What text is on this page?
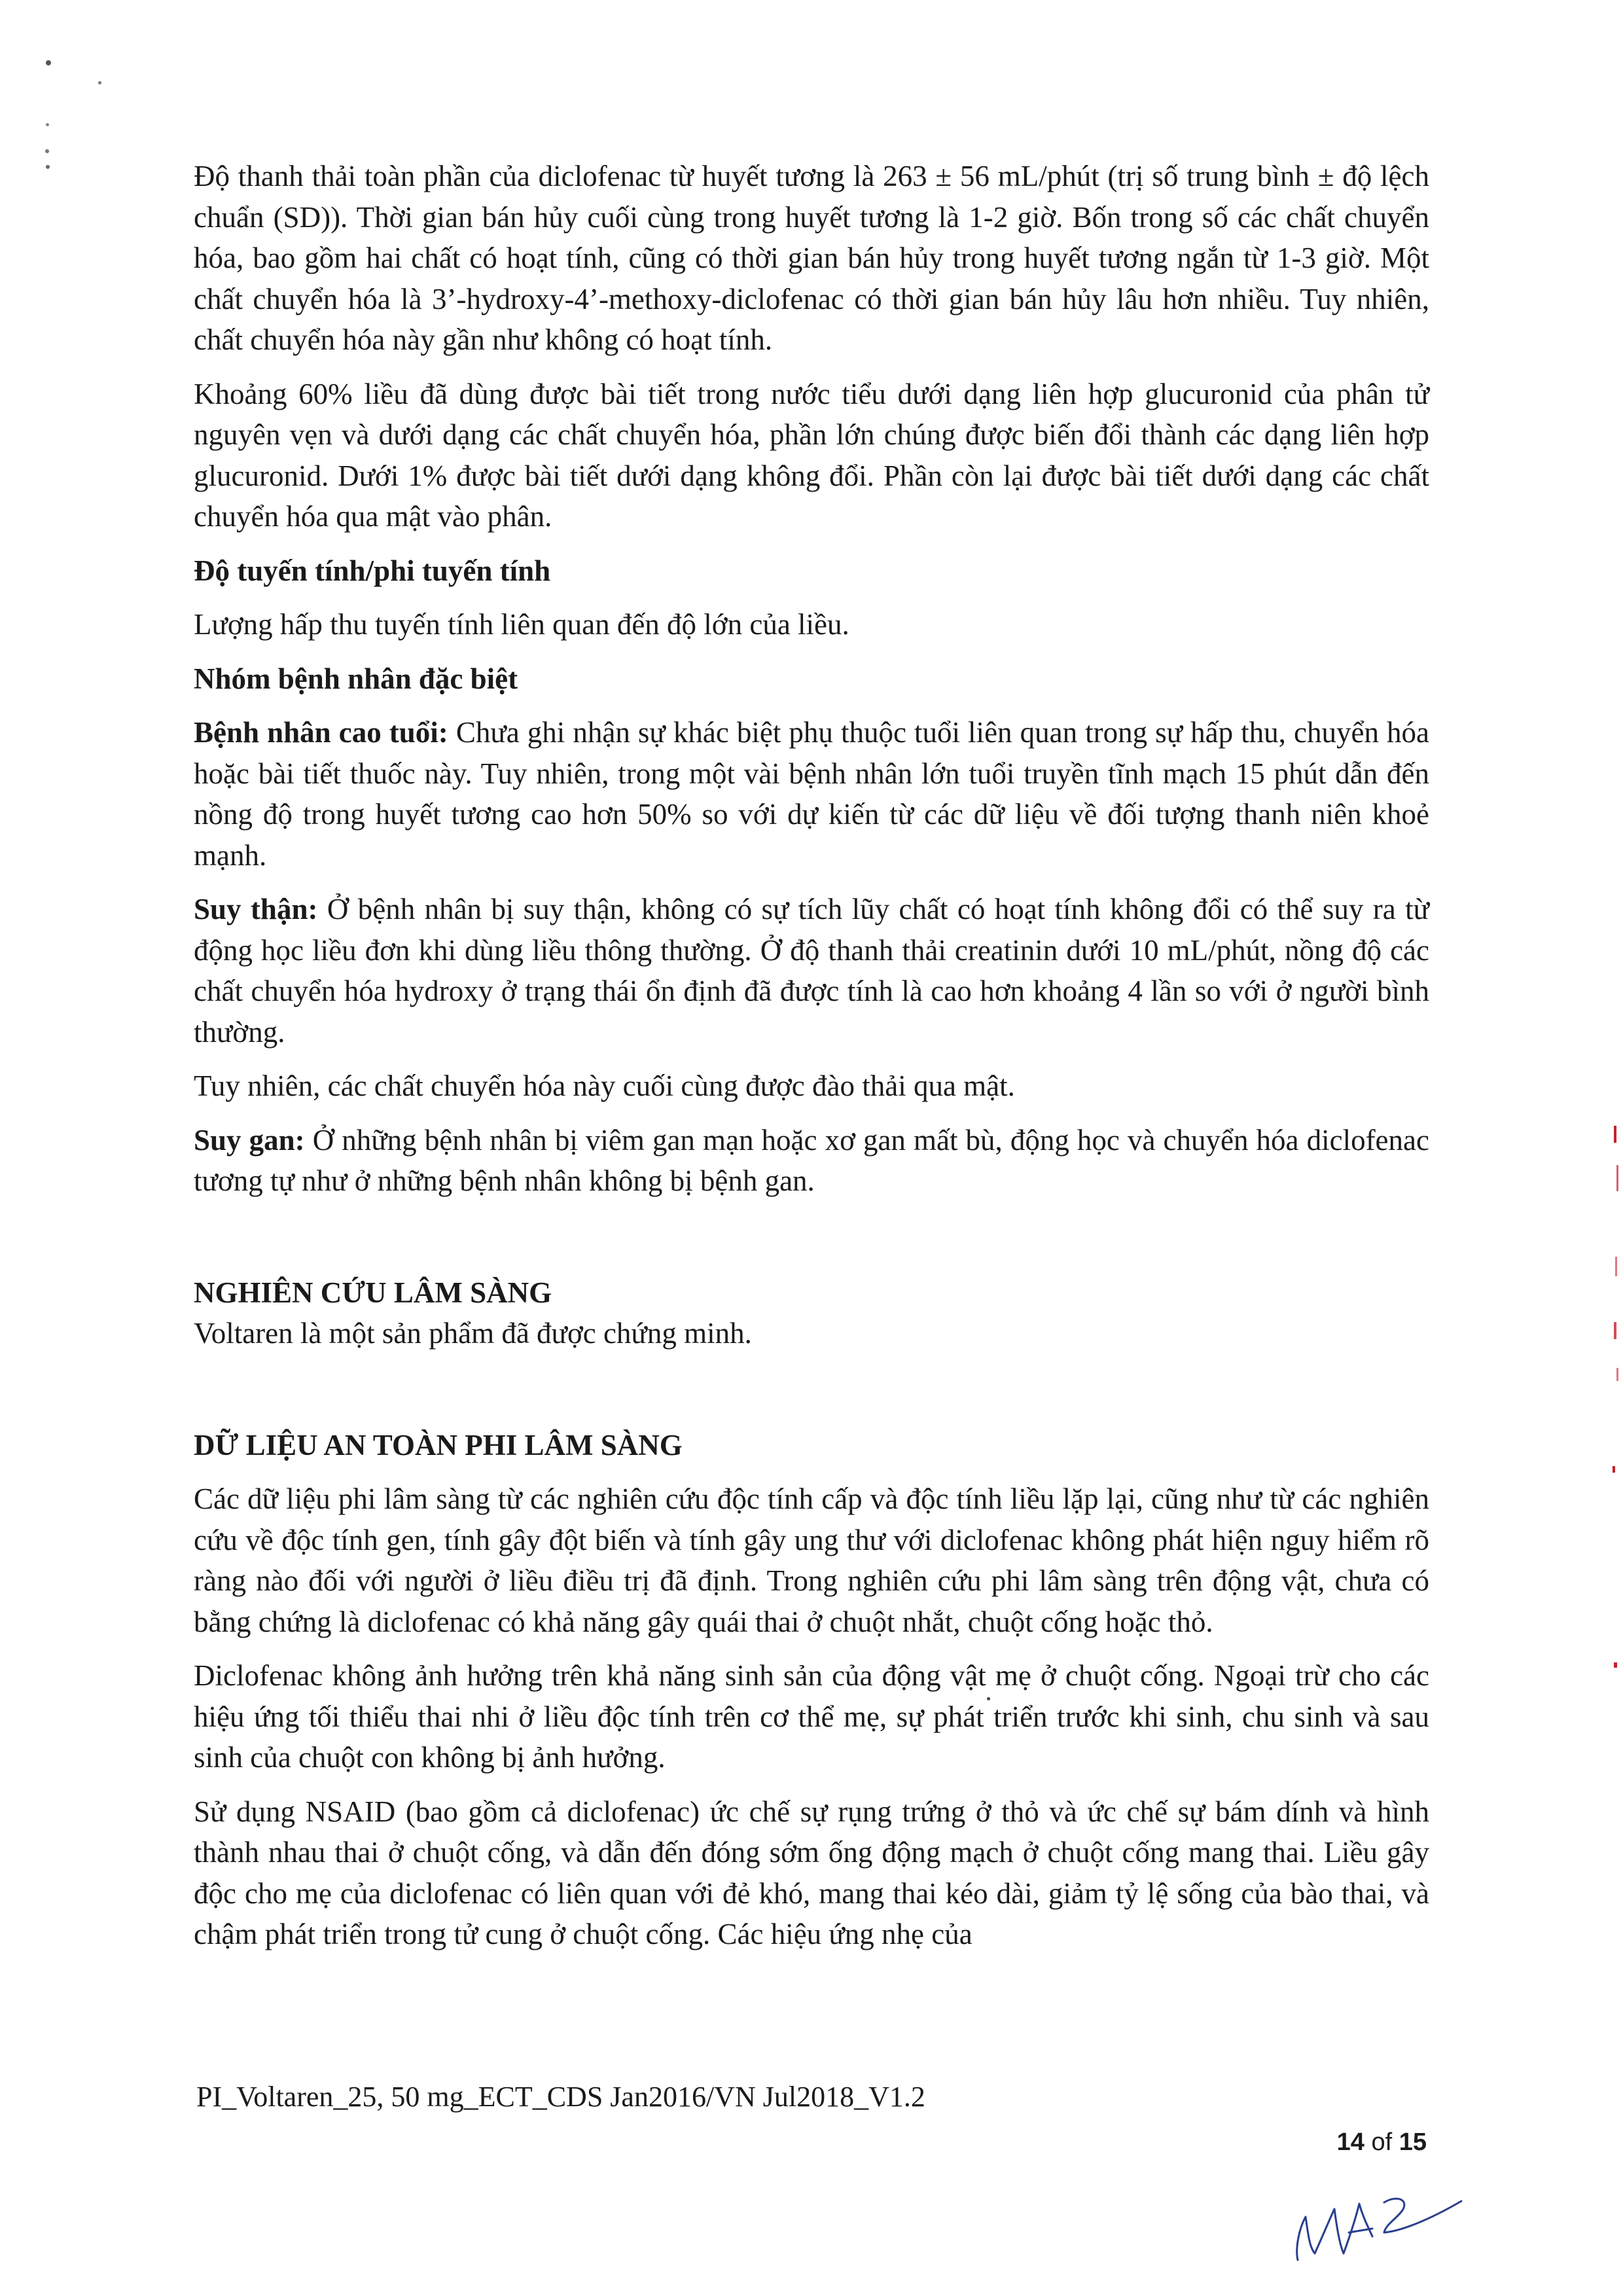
Độ thanh thải toàn phần của diclofenac từ huyết tương là 263 ± 56 mL/phút (trị số trung bình ± độ lệch chuẩn (SD)). Thời gian bán hủy cuối cùng trong huyết tương là 1-2 giờ. Bốn trong số các chất chuyển hóa, bao gồm hai chất có hoạt tính, cũng có thời gian bán hủy trong huyết tương ngắn từ 1-3 giờ. Một chất chuyển hóa là 3’-hydroxy-4’-methoxy-diclofenac có thời gian bán hủy lâu hơn nhiều. Tuy nhiên, chất chuyển hóa này gần như không có hoạt tính.

Khoảng 60% liều đã dùng được bài tiết trong nước tiểu dưới dạng liên hợp glucuronid của phân tử nguyên vẹn và dưới dạng các chất chuyển hóa, phần lớn chúng được biến đổi thành các dạng liên hợp glucuronid. Dưới 1% được bài tiết dưới dạng không đổi. Phần còn lại được bài tiết dưới dạng các chất chuyển hóa qua mật vào phân.

Độ tuyến tính/phi tuyến tính

Lượng hấp thu tuyến tính liên quan đến độ lớn của liều.

Nhóm bệnh nhân đặc biệt

Bệnh nhân cao tuổi: Chưa ghi nhận sự khác biệt phụ thuộc tuổi liên quan trong sự hấp thu, chuyển hóa hoặc bài tiết thuốc này. Tuy nhiên, trong một vài bệnh nhân lớn tuổi truyền tĩnh mạch 15 phút dẫn đến nồng độ trong huyết tương cao hơn 50% so với dự kiến từ các dữ liệu về đối tượng thanh niên khoẻ mạnh.

Suy thận: Ở bệnh nhân bị suy thận, không có sự tích lũy chất có hoạt tính không đổi có thể suy ra từ động học liều đơn khi dùng liều thông thường. Ở độ thanh thải creatinin dưới 10 mL/phút, nồng độ các chất chuyển hóa hydroxy ở trạng thái ổn định đã được tính là cao hơn khoảng 4 lần so với ở người bình thường.

Tuy nhiên, các chất chuyển hóa này cuối cùng được đào thải qua mật.

Suy gan: Ở những bệnh nhân bị viêm gan mạn hoặc xơ gan mất bù, động học và chuyển hóa diclofenac tương tự như ở những bệnh nhân không bị bệnh gan.

NGHIÊN CỨU LÂM SÀNG

Voltaren là một sản phẩm đã được chứng minh.

DỮ LIỆU AN TOÀN PHI LÂM SÀNG

Các dữ liệu phi lâm sàng từ các nghiên cứu độc tính cấp và độc tính liều lặp lại, cũng như từ các nghiên cứu về độc tính gen, tính gây đột biến và tính gây ung thư với diclofenac không phát hiện nguy hiểm rõ ràng nào đối với người ở liều điều trị đã định. Trong nghiên cứu phi lâm sàng trên động vật, chưa có bằng chứng là diclofenac có khả năng gây quái thai ở chuột nhắt, chuột cống hoặc thỏ.

Diclofenac không ảnh hưởng trên khả năng sinh sản của động vật mẹ ở chuột cống. Ngoại trừ cho các hiệu ứng tối thiểu thai nhi ở liều độc tính trên cơ thể mẹ, sự phát triển trước khi sinh, chu sinh và sau sinh của chuột con không bị ảnh hưởng.

Sử dụng NSAID (bao gồm cả diclofenac) ức chế sự rụng trứng ở thỏ và ức chế sự bám dính và hình thành nhau thai ở chuột cống, và dẫn đến đóng sớm ống động mạch ở chuột cống mang thai. Liều gây độc cho mẹ của diclofenac có liên quan với đẻ khó, mang thai kéo dài, giảm tỷ lệ sống của bào thai, và chậm phát triển trong tử cung ở chuột cống. Các hiệu ứng nhẹ của

PI_Voltaren_25, 50 mg_ECT_CDS Jan2016/VN Jul2018_V1.2
14 of 15
